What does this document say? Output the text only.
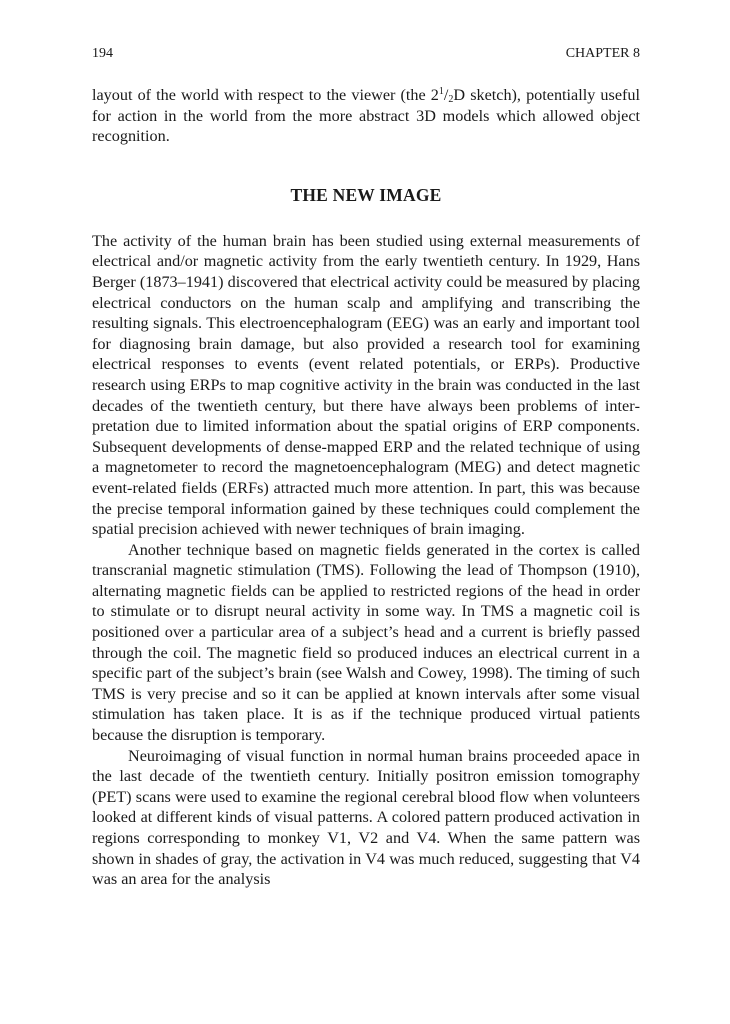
194	CHAPTER 8

layout of the world with respect to the viewer (the $2^1/_2D$ sketch), potentially useful for action in the world from the more abstract 3D models which allowed object recognition.

THE NEW IMAGE

The activity of the human brain has been studied using external measurements of electrical and/or magnetic activity from the early twentieth century. In 1929, Hans Berger (1873–1941) discovered that electrical activity could be measured by placing electrical conductors on the human scalp and amplifying and transcribing the resulting signals. This electroencephalogram (EEG) was an early and important tool for diagnosing brain damage, but also provided a research tool for examining electrical responses to events (event related potentials, or ERPs). Productive research using ERPs to map cognitive activity in the brain was conducted in the last decades of the twentieth century, but there have always been problems of interpretation due to limited information about the spatial origins of ERP components. Subsequent developments of dense-mapped ERP and the related technique of using a magnetometer to record the magnetoencephalogram (MEG) and detect magnetic event-related fields (ERFs) attracted much more attention. In part, this was because the precise temporal information gained by these techniques could complement the spatial precision achieved with newer techniques of brain imaging.

Another technique based on magnetic fields generated in the cortex is called transcranial magnetic stimulation (TMS). Following the lead of Thompson (1910), alternating magnetic fields can be applied to restricted regions of the head in order to stimulate or to disrupt neural activity in some way. In TMS a magnetic coil is positioned over a particular area of a subject’s head and a current is briefly passed through the coil. The magnetic field so produced induces an electrical current in a specific part of the subject’s brain (see Walsh and Cowey, 1998). The timing of such TMS is very precise and so it can be applied at known intervals after some visual stimulation has taken place. It is as if the technique produced virtual patients because the disruption is temporary.

Neuroimaging of visual function in normal human brains proceeded apace in the last decade of the twentieth century. Initially positron emission tomography (PET) scans were used to examine the regional cerebral blood flow when volunteers looked at different kinds of visual patterns. A colored pattern produced activation in regions corresponding to monkey V1, V2 and V4. When the same pattern was shown in shades of gray, the activation in V4 was much reduced, suggesting that V4 was an area for the analysis
